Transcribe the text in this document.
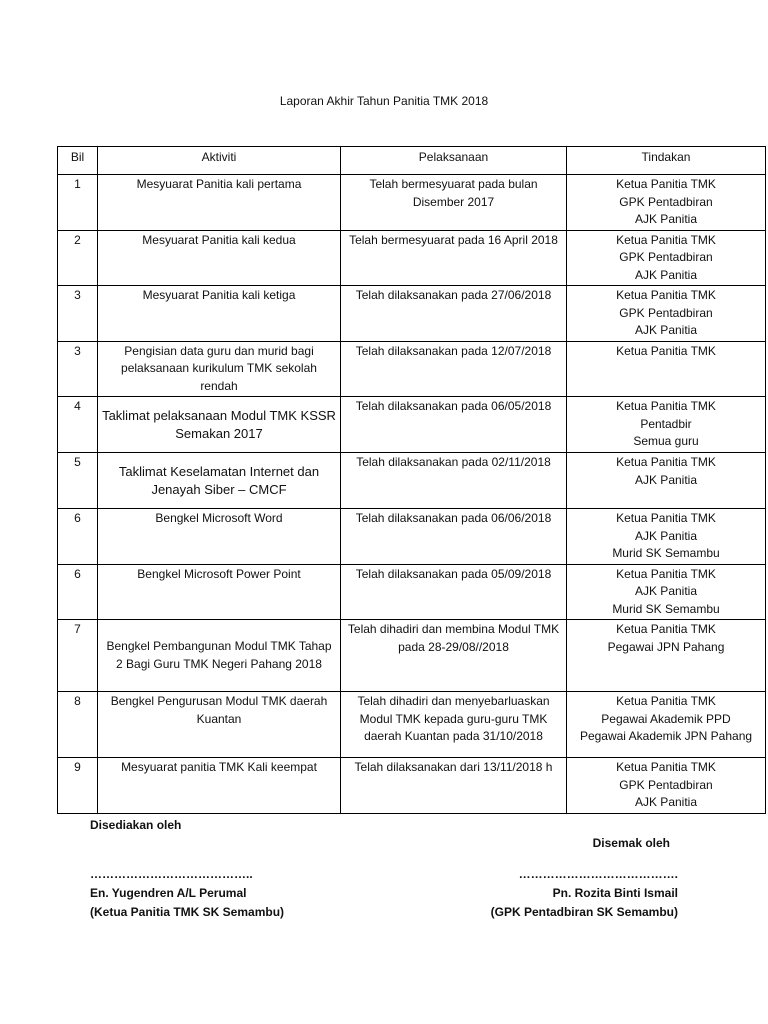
Laporan Akhir Tahun Panitia TMK 2018
Bil	Aktiviti	Pelaksanaan	Tindakan
1	Mesyuarat Panitia kali pertama	Telah bermesyuarat pada bulan Disember 2017	Ketua Panitia TMK
GPK Pentadbiran
AJK Panitia

2	Mesyuarat Panitia kali kedua	Telah bermesyuarat pada 16 April 2018	Ketua Panitia TMK
GPK Pentadbiran
AJK Panitia

3	Mesyuarat Panitia kali ketiga	Telah dilaksanakan pada 27/06/2018	Ketua Panitia TMK
GPK Pentadbiran
AJK Panitia

3	Pengisian data guru dan murid bagi pelaksanaan kurikulum TMK sekolah rendah	Telah dilaksanakan pada 12/07/2018	Ketua Panitia TMK

4	Taklimat pelaksanaan Modul TMK KSSR Semakan 2017	Telah dilaksanakan pada 06/05/2018	Ketua Panitia TMK
Pentadbir
Semua guru

5	Taklimat Keselamatan Internet dan Jenayah Siber – CMCF	Telah dilaksanakan pada 02/11/2018	Ketua Panitia TMK
AJK Panitia

6	Bengkel Microsoft Word	Telah dilaksanakan pada 06/06/2018	Ketua Panitia TMK
AJK Panitia
Murid SK Semambu

6	Bengkel Microsoft Power Point	Telah dilaksanakan pada 05/09/2018	Ketua Panitia TMK
AJK Panitia
Murid SK Semambu

7	Bengkel Pembangunan Modul TMK Tahap 2 Bagi Guru TMK Negeri Pahang 2018	Telah dihadiri dan membina Modul TMK pada 28-29/08//2018	Ketua Panitia TMK
Pegawai JPN Pahang

8	Bengkel Pengurusan Modul TMK daerah Kuantan	Telah dihadiri dan menyebarluaskan Modul TMK kepada guru-guru TMK daerah Kuantan pada 31/10/2018	Ketua Panitia TMK
Pegawai Akademik PPD
Pegawai Akademik JPN Pahang

9	Mesyuarat panitia TMK Kali keempat	Telah dilaksanakan dari 13/11/2018 h	Ketua Panitia TMK
GPK Pentadbiran
AJK Panitia
Disediakan oleh
Disemak oleh
…………………………………..	………………………………….
En. Yugendren A/L Perumal	Pn. Rozita Binti Ismail
(Ketua Panitia TMK SK Semambu)	(GPK Pentadbiran SK Semambu)
